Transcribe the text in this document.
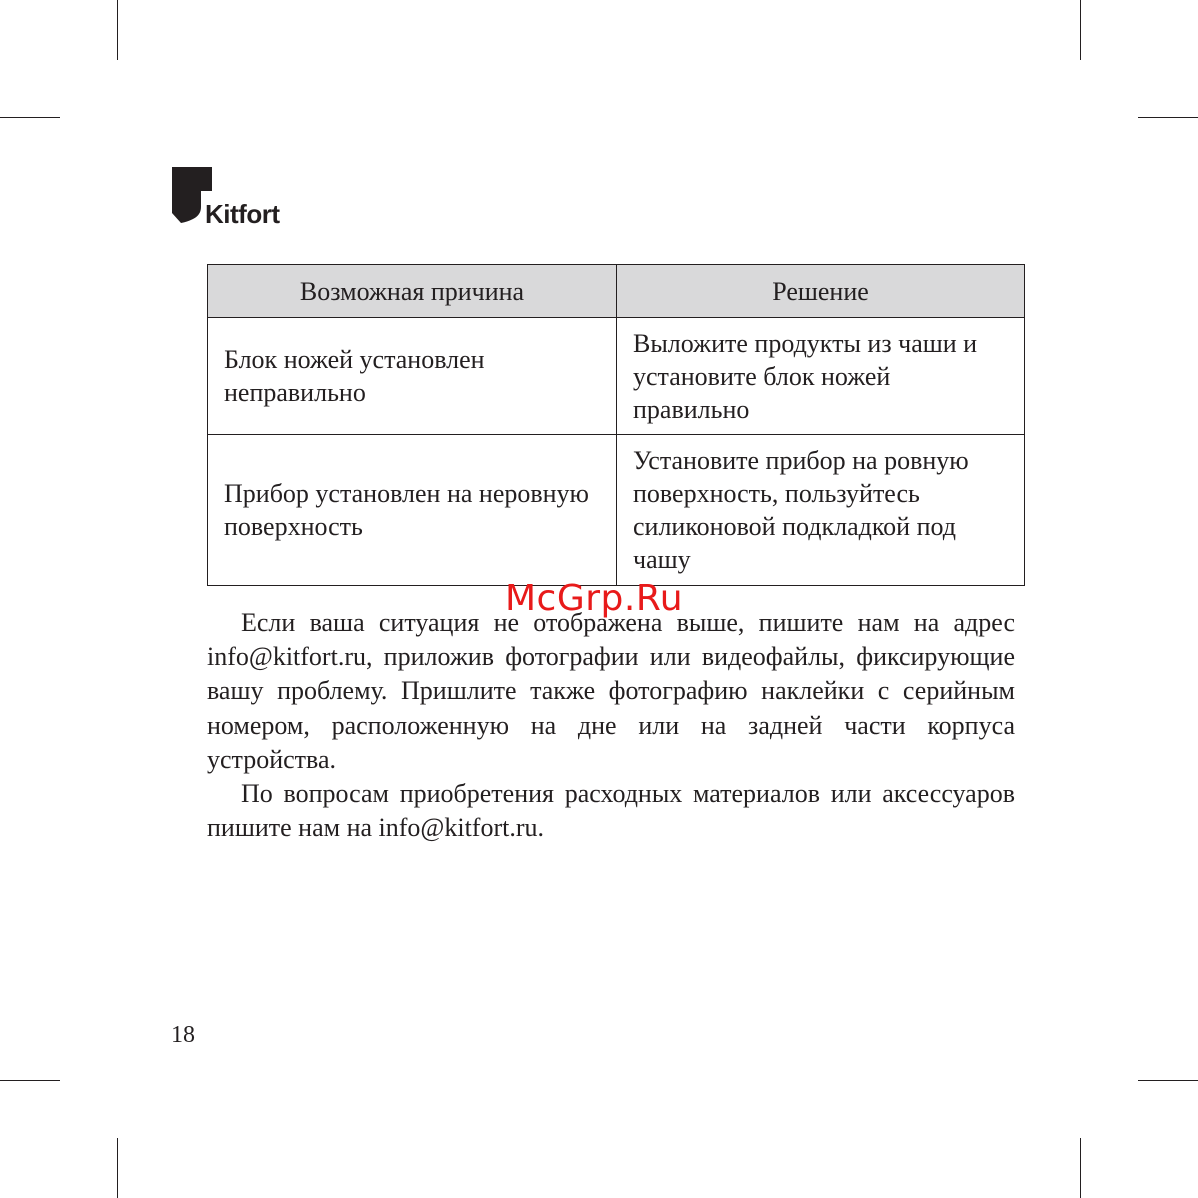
Kitfort
Возможная причина	Решение
Блок ножей установлен неправильно	Выложите продукты из чаши и установите блок ножей правильно
Прибор установлен на неровную поверхность	Установите прибор на ровную поверхность, пользуйтесь силиконовой подкладкой под чашу

Если ваша ситуация не отображена выше, пишите нам на адрес info@kitfort.ru, приложив фотографии или видеофайлы, фиксирующие вашу проблему. Пришлите также фотографию наклейки с серийным номером, расположенную на дне или на задней части корпуса устройства.

По вопросам приобретения расходных материалов или аксессуаров пишите нам на info@kitfort.ru.

McGrp.Ru
18
